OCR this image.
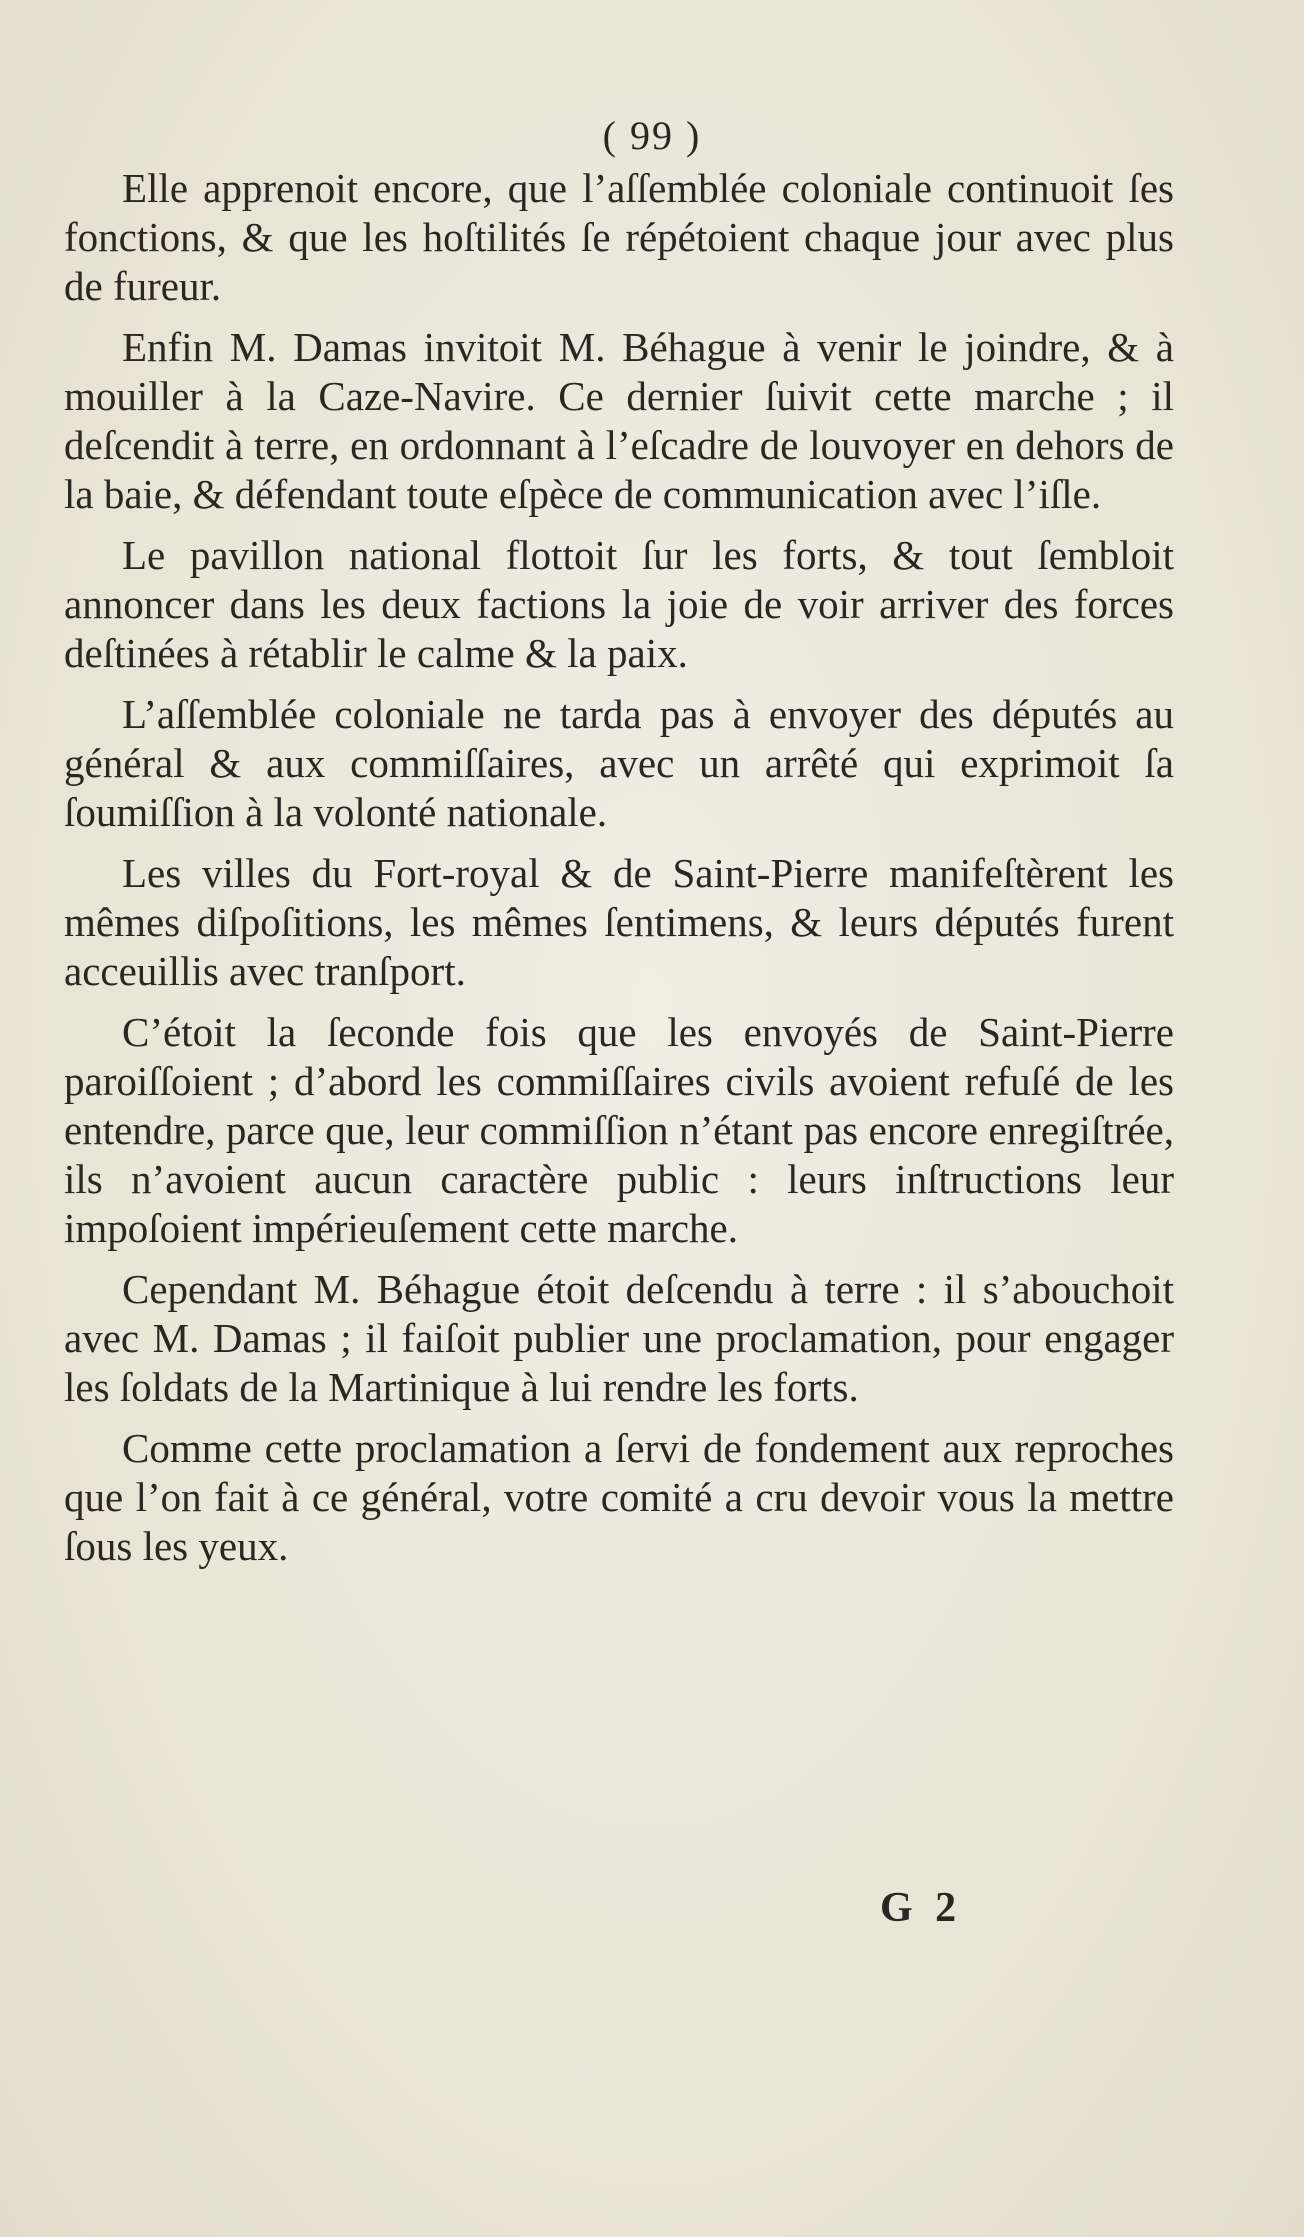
( 99 )

Elle apprenoit encore, que l’aſſemblée coloniale continuoit ſes fonctions, & que les hoſtilités ſe répétoient chaque jour avec plus de fureur.

Enfin M. Damas invitoit M. Béhague à venir le joindre, & à mouiller à la Caze-Navire. Ce dernier ſuivit cette marche ; il deſcendit à terre, en ordonnant à l’eſcadre de louvoyer en dehors de la baie, & défendant toute eſpèce de communication avec l’iſle.

Le pavillon national flottoit ſur les forts, & tout ſembloit annoncer dans les deux factions la joie de voir arriver des forces deſtinées à rétablir le calme & la paix.

L’aſſemblée coloniale ne tarda pas à envoyer des députés au général & aux commiſſaires, avec un arrêté qui exprimoit ſa ſoumiſſion à la volonté nationale.

Les villes du Fort-royal & de Saint-Pierre manifeſtèrent les mêmes diſpoſitions, les mêmes ſentimens, & leurs députés furent acceuillis avec tranſport.

C’étoit la ſeconde fois que les envoyés de Saint-Pierre paroiſſoient ; d’abord les commiſſaires civils avoient refuſé de les entendre, parce que, leur commiſſion n’étant pas encore enregiſtrée, ils n’avoient aucun caractère public : leurs inſtructions leur impoſoient impérieuſement cette marche.

Cependant M. Béhague étoit deſcendu à terre : il s’abouchoit avec M. Damas ; il faiſoit publier une proclamation, pour engager les ſoldats de la Martinique à lui rendre les forts.

Comme cette proclamation a ſervi de fondement aux reproches que l’on fait à ce général, votre comité a cru devoir vous la mettre ſous les yeux.

G 2
